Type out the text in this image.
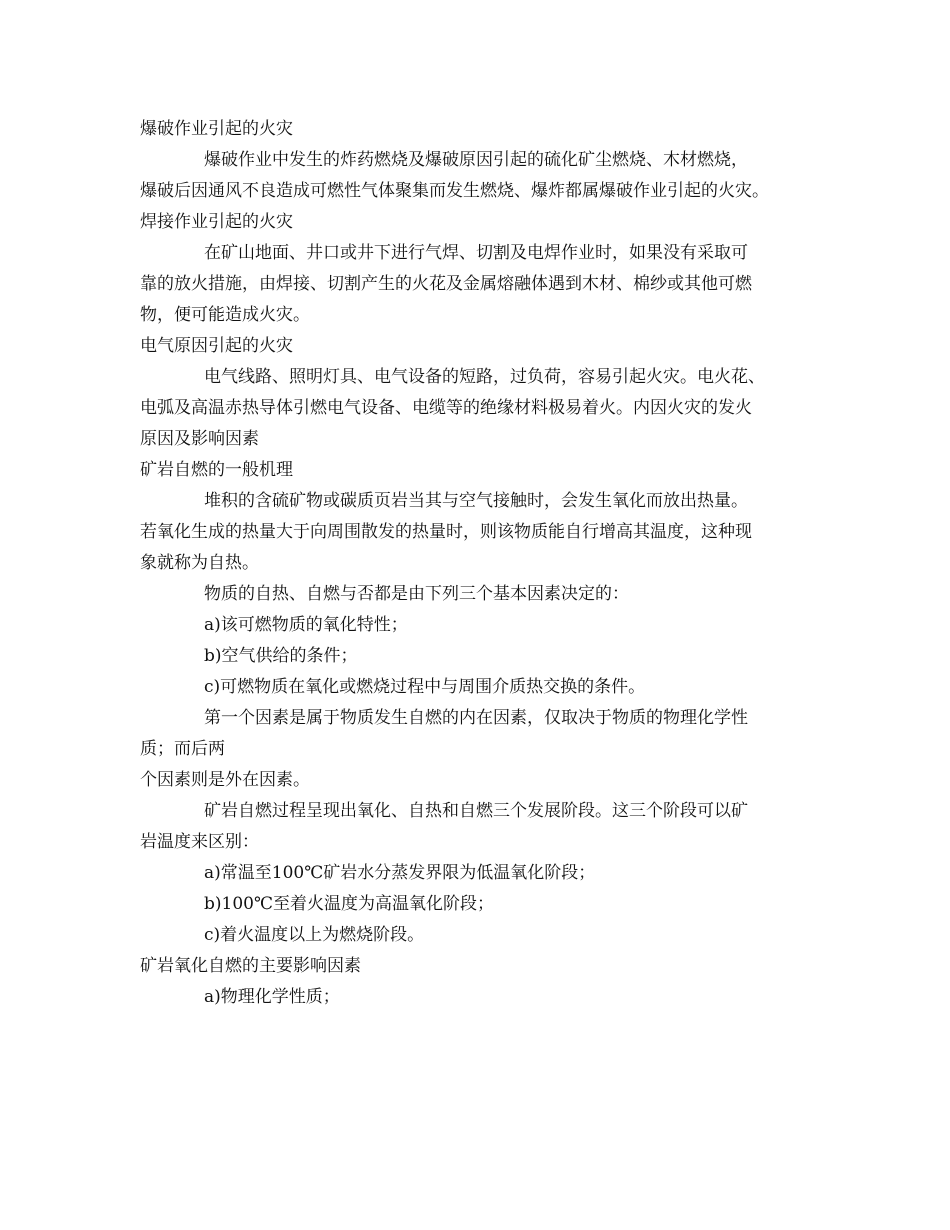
爆破作业引起的火灾
爆破作业中发生的炸药燃烧及爆破原因引起的硫化矿尘燃烧、木材燃烧，
爆破后因通风不良造成可燃性气体聚集而发生燃烧、爆炸都属爆破作业引起的火灾。
焊接作业引起的火灾
在矿山地面、井口或井下进行气焊、切割及电焊作业时，如果没有采取可
靠的放火措施，由焊接、切割产生的火花及金属熔融体遇到木材、棉纱或其他可燃
物，便可能造成火灾。
电气原因引起的火灾
电气线路、照明灯具、电气设备的短路，过负荷，容易引起火灾。电火花、
电弧及高温赤热导体引燃电气设备、电缆等的绝缘材料极易着火。内因火灾的发火
原因及影响因素
矿岩自燃的一般机理
堆积的含硫矿物或碳质页岩当其与空气接触时，会发生氧化而放出热量。
若氧化生成的热量大于向周围散发的热量时，则该物质能自行增高其温度，这种现
象就称为自热。
物质的自热、自燃与否都是由下列三个基本因素决定的：
a)该可燃物质的氧化特性；
b)空气供给的条件；
c)可燃物质在氧化或燃烧过程中与周围介质热交换的条件。
第一个因素是属于物质发生自燃的内在因素，仅取决于物质的物理化学性
质；而后两
个因素则是外在因素。
矿岩自燃过程呈现出氧化、自热和自燃三个发展阶段。这三个阶段可以矿
岩温度来区别：
a)常温至100℃矿岩水分蒸发界限为低温氧化阶段；
b)100℃至着火温度为高温氧化阶段；
c)着火温度以上为燃烧阶段。
矿岩氧化自燃的主要影响因素
a)物理化学性质；
